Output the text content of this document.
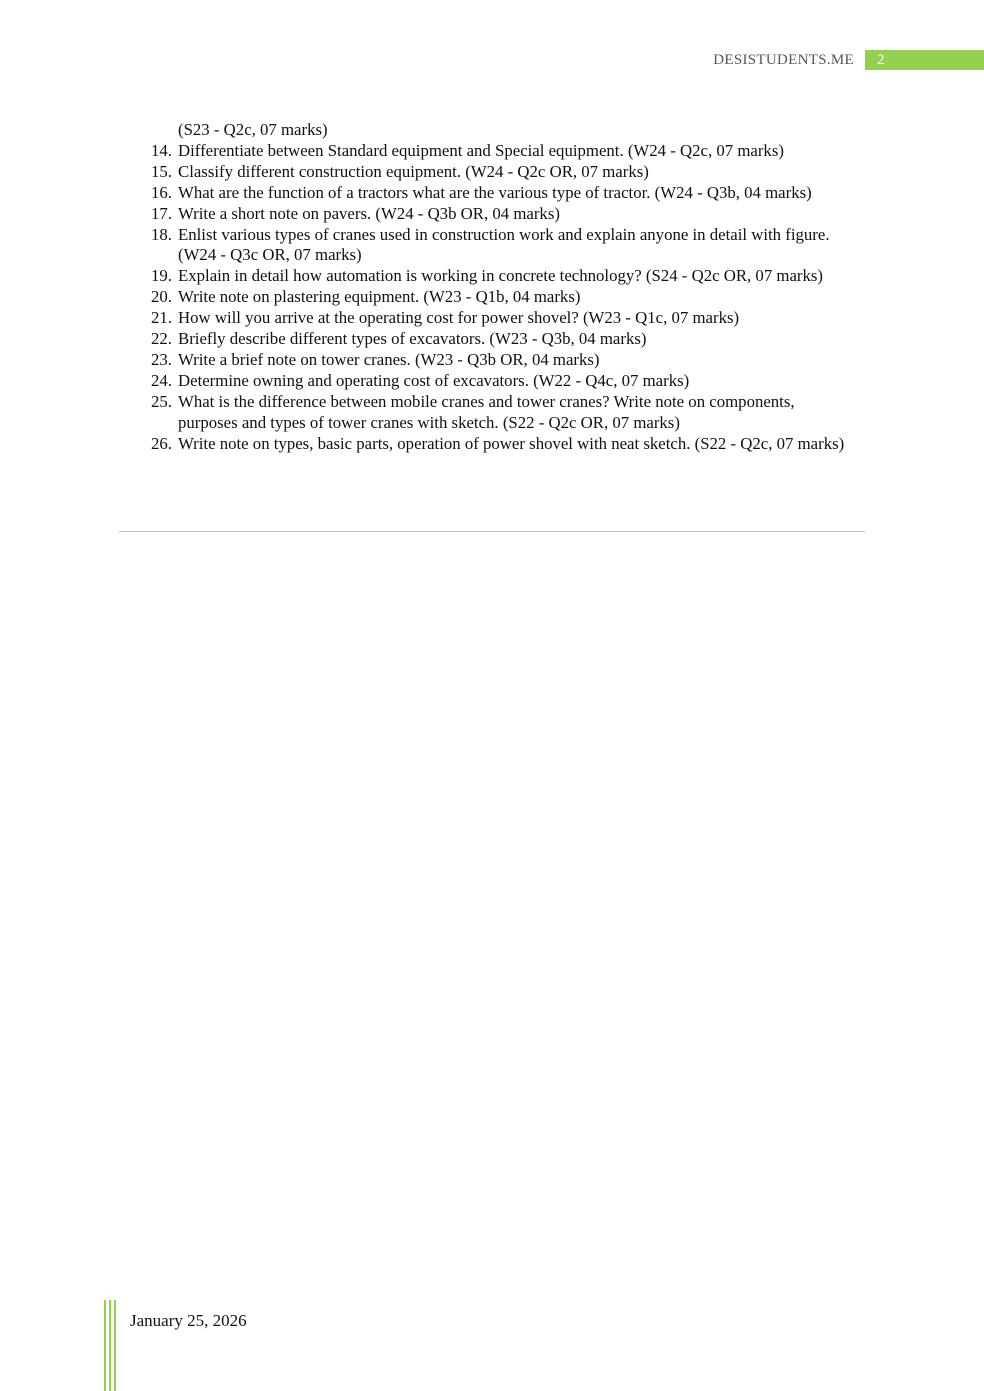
DESISTUDENTS.ME 2
(S23 - Q2c, 07 marks)
14. Differentiate between Standard equipment and Special equipment. (W24 - Q2c, 07 marks)
15. Classify different construction equipment. (W24 - Q2c OR, 07 marks)
16. What are the function of a tractors what are the various type of tractor. (W24 - Q3b, 04 marks)
17. Write a short note on pavers. (W24 - Q3b OR, 04 marks)
18. Enlist various types of cranes used in construction work and explain anyone in detail with figure. (W24 - Q3c OR, 07 marks)
19. Explain in detail how automation is working in concrete technology? (S24 - Q2c OR, 07 marks)
20. Write note on plastering equipment. (W23 - Q1b, 04 marks)
21. How will you arrive at the operating cost for power shovel? (W23 - Q1c, 07 marks)
22. Briefly describe different types of excavators. (W23 - Q3b, 04 marks)
23. Write a brief note on tower cranes. (W23 - Q3b OR, 04 marks)
24. Determine owning and operating cost of excavators. (W22 - Q4c, 07 marks)
25. What is the difference between mobile cranes and tower cranes? Write note on components, purposes and types of tower cranes with sketch. (S22 - Q2c OR, 07 marks)
26. Write note on types, basic parts, operation of power shovel with neat sketch. (S22 - Q2c, 07 marks)
January 25, 2026
